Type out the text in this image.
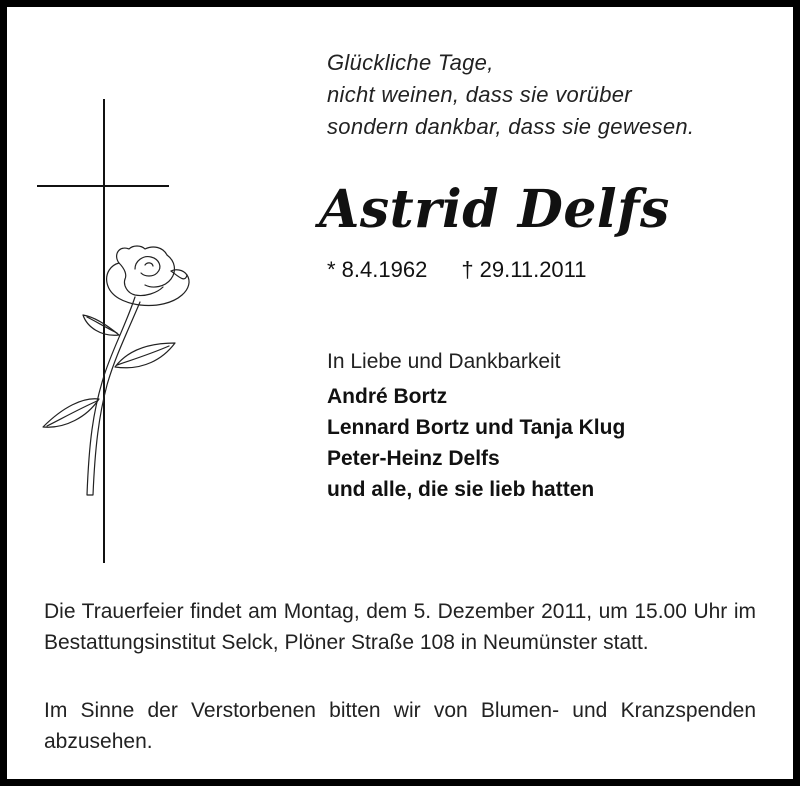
Glückliche Tage,
nicht weinen, dass sie vorüber
sondern dankbar, dass sie gewesen.
Astrid Delfs
* 8.4.1962 † 29.11.2011
In Liebe und Dankbarkeit
André Bortz
Lennard Bortz und Tanja Klug
Peter-Heinz Delfs
und alle, die sie lieb hatten
Die Trauerfeier findet am Montag, dem 5. Dezember 2011, um 15.00 Uhr im Bestattungsinstitut Selck, Plöner Straße 108 in Neumünster statt.
Im Sinne der Verstorbenen bitten wir von Blumen- und Kranzspenden abzusehen.
